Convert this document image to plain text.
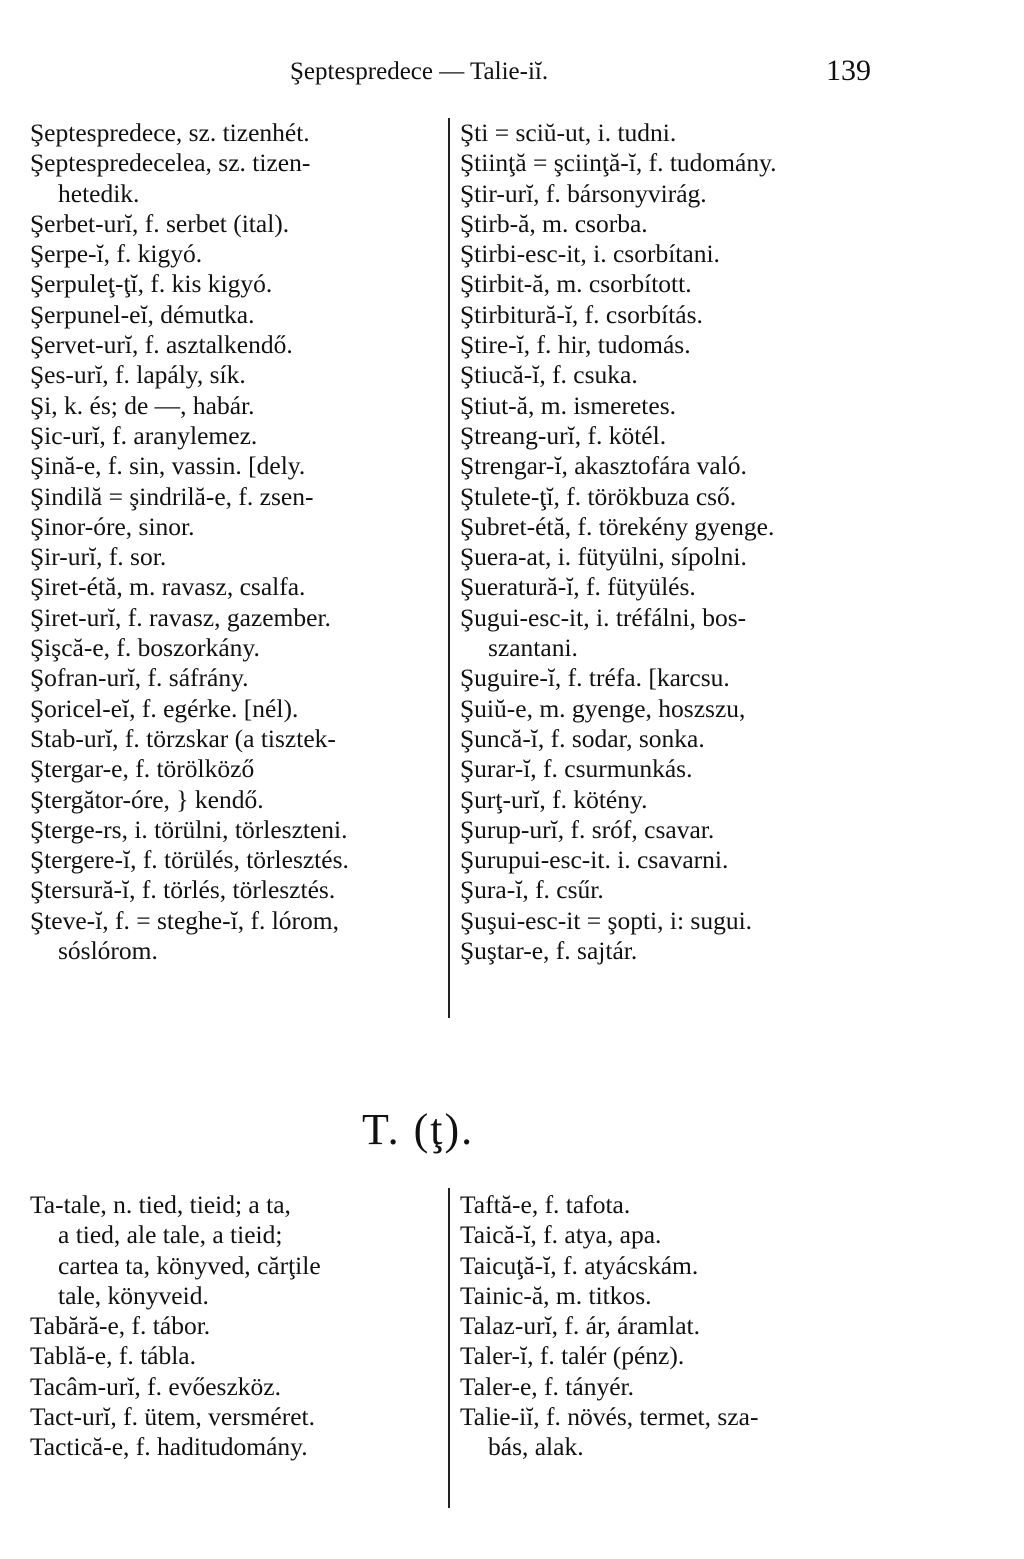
Şeptespredece — Talie-iĭ.	139
Şeptespredece, sz. tizenhét.
Şeptespredecelea, sz. tizen-
hetedik.
Şerbet-urĭ, f. serbet (ital).
Şerpe-ĭ, f. kigyó.
Şerpuleţ-ţĭ, f. kis kigyó.
Şerpunel-eĭ, démutka.
Şervet-urĭ, f. asztalkendő.
Şes-urĭ, f. lapály, sík.
Şi, k. és; de —, habár.
Şic-urĭ, f. aranylemez.
Şină-e, f. sin, vassin. [dely.
Şindilă = şindrilă-e, f. zsen-
Şinor-óre, sinor.
Şir-urĭ, f. sor.
Şiret-étă, m. ravasz, csalfa.
Şiret-urĭ, f. ravasz, gazember.
Şişcă-e, f. boszorkány.
Şofran-urĭ, f. sáfrány.
Şoricel-eĭ, f. egérke. [nél).
Stab-urĭ, f. törzskar (a tisztek-
Ştergar-e, f. törölköző
Ştergător-óre, } kendő.
Şterge-rs, i. törülni, törleszteni.
Ştergere-ĭ, f. törülés, törlesztés.
Ştersură-ĭ, f. törlés, törlesztés.
Şteve-ĭ, f. = steghe-ĭ, f. lórom,
sóslórom.
Şti = sciŭ-ut, i. tudni.
Ştiinţă = şciinţă-ĭ, f. tudomány.
Ştir-urĭ, f. bársonyvirág.
Ştirb-ă, m. csorba.
Ştirbi-esc-it, i. csorbítani.
Ştirbit-ă, m. csorbított.
Ştirbitură-ĭ, f. csorbítás.
Ştire-ĭ, f. hir, tudomás.
Ştiucă-ĭ, f. csuka.
Ştiut-ă, m. ismeretes.
Ştreang-urĭ, f. kötél.
Ştrengar-ĭ, akasztofára való.
Ştulete-ţĭ, f. törökbuza cső.
Şubret-étă, f. törekény gyenge.
Şuera-at, i. fütyülni, sípolni.
Şueratură-ĭ, f. fütyülés.
Şugui-esc-it, i. tréfálni, bos-
szantani.
Şuguire-ĭ, f. tréfa. [karcsu.
Şuiŭ-e, m. gyenge, hoszszu,
Şuncă-ĭ, f. sodar, sonka.
Şurar-ĭ, f. csurmunkás.
Şurţ-urĭ, f. kötény.
Şurup-urĭ, f. sróf, csavar.
Şurupui-esc-it. i. csavarni.
Şura-ĭ, f. csűr.
Şuşui-esc-it = şopti, i: sugui.
Şuştar-e, f. sajtár.
T. (ţ).
Ta-tale, n. tied, tieid; a ta,
a tied, ale tale, a tieid;
cartea ta, könyved, cărţile
tale, könyveid.
Tabără-e, f. tábor.
Tablă-e, f. tábla.
Tacâm-urĭ, f. evőeszköz.
Tact-urĭ, f. ütem, versméret.
Tactică-e, f. haditudomány.
Taftă-e, f. tafota.
Taică-ĭ, f. atya, apa.
Taicuţă-ĭ, f. atyácskám.
Tainic-ă, m. titkos.
Talaz-urĭ, f. ár, áramlat.
Taler-ĭ, f. talér (pénz).
Taler-e, f. tányér.
Talie-iĭ, f. növés, termet, sza-
bás, alak.
